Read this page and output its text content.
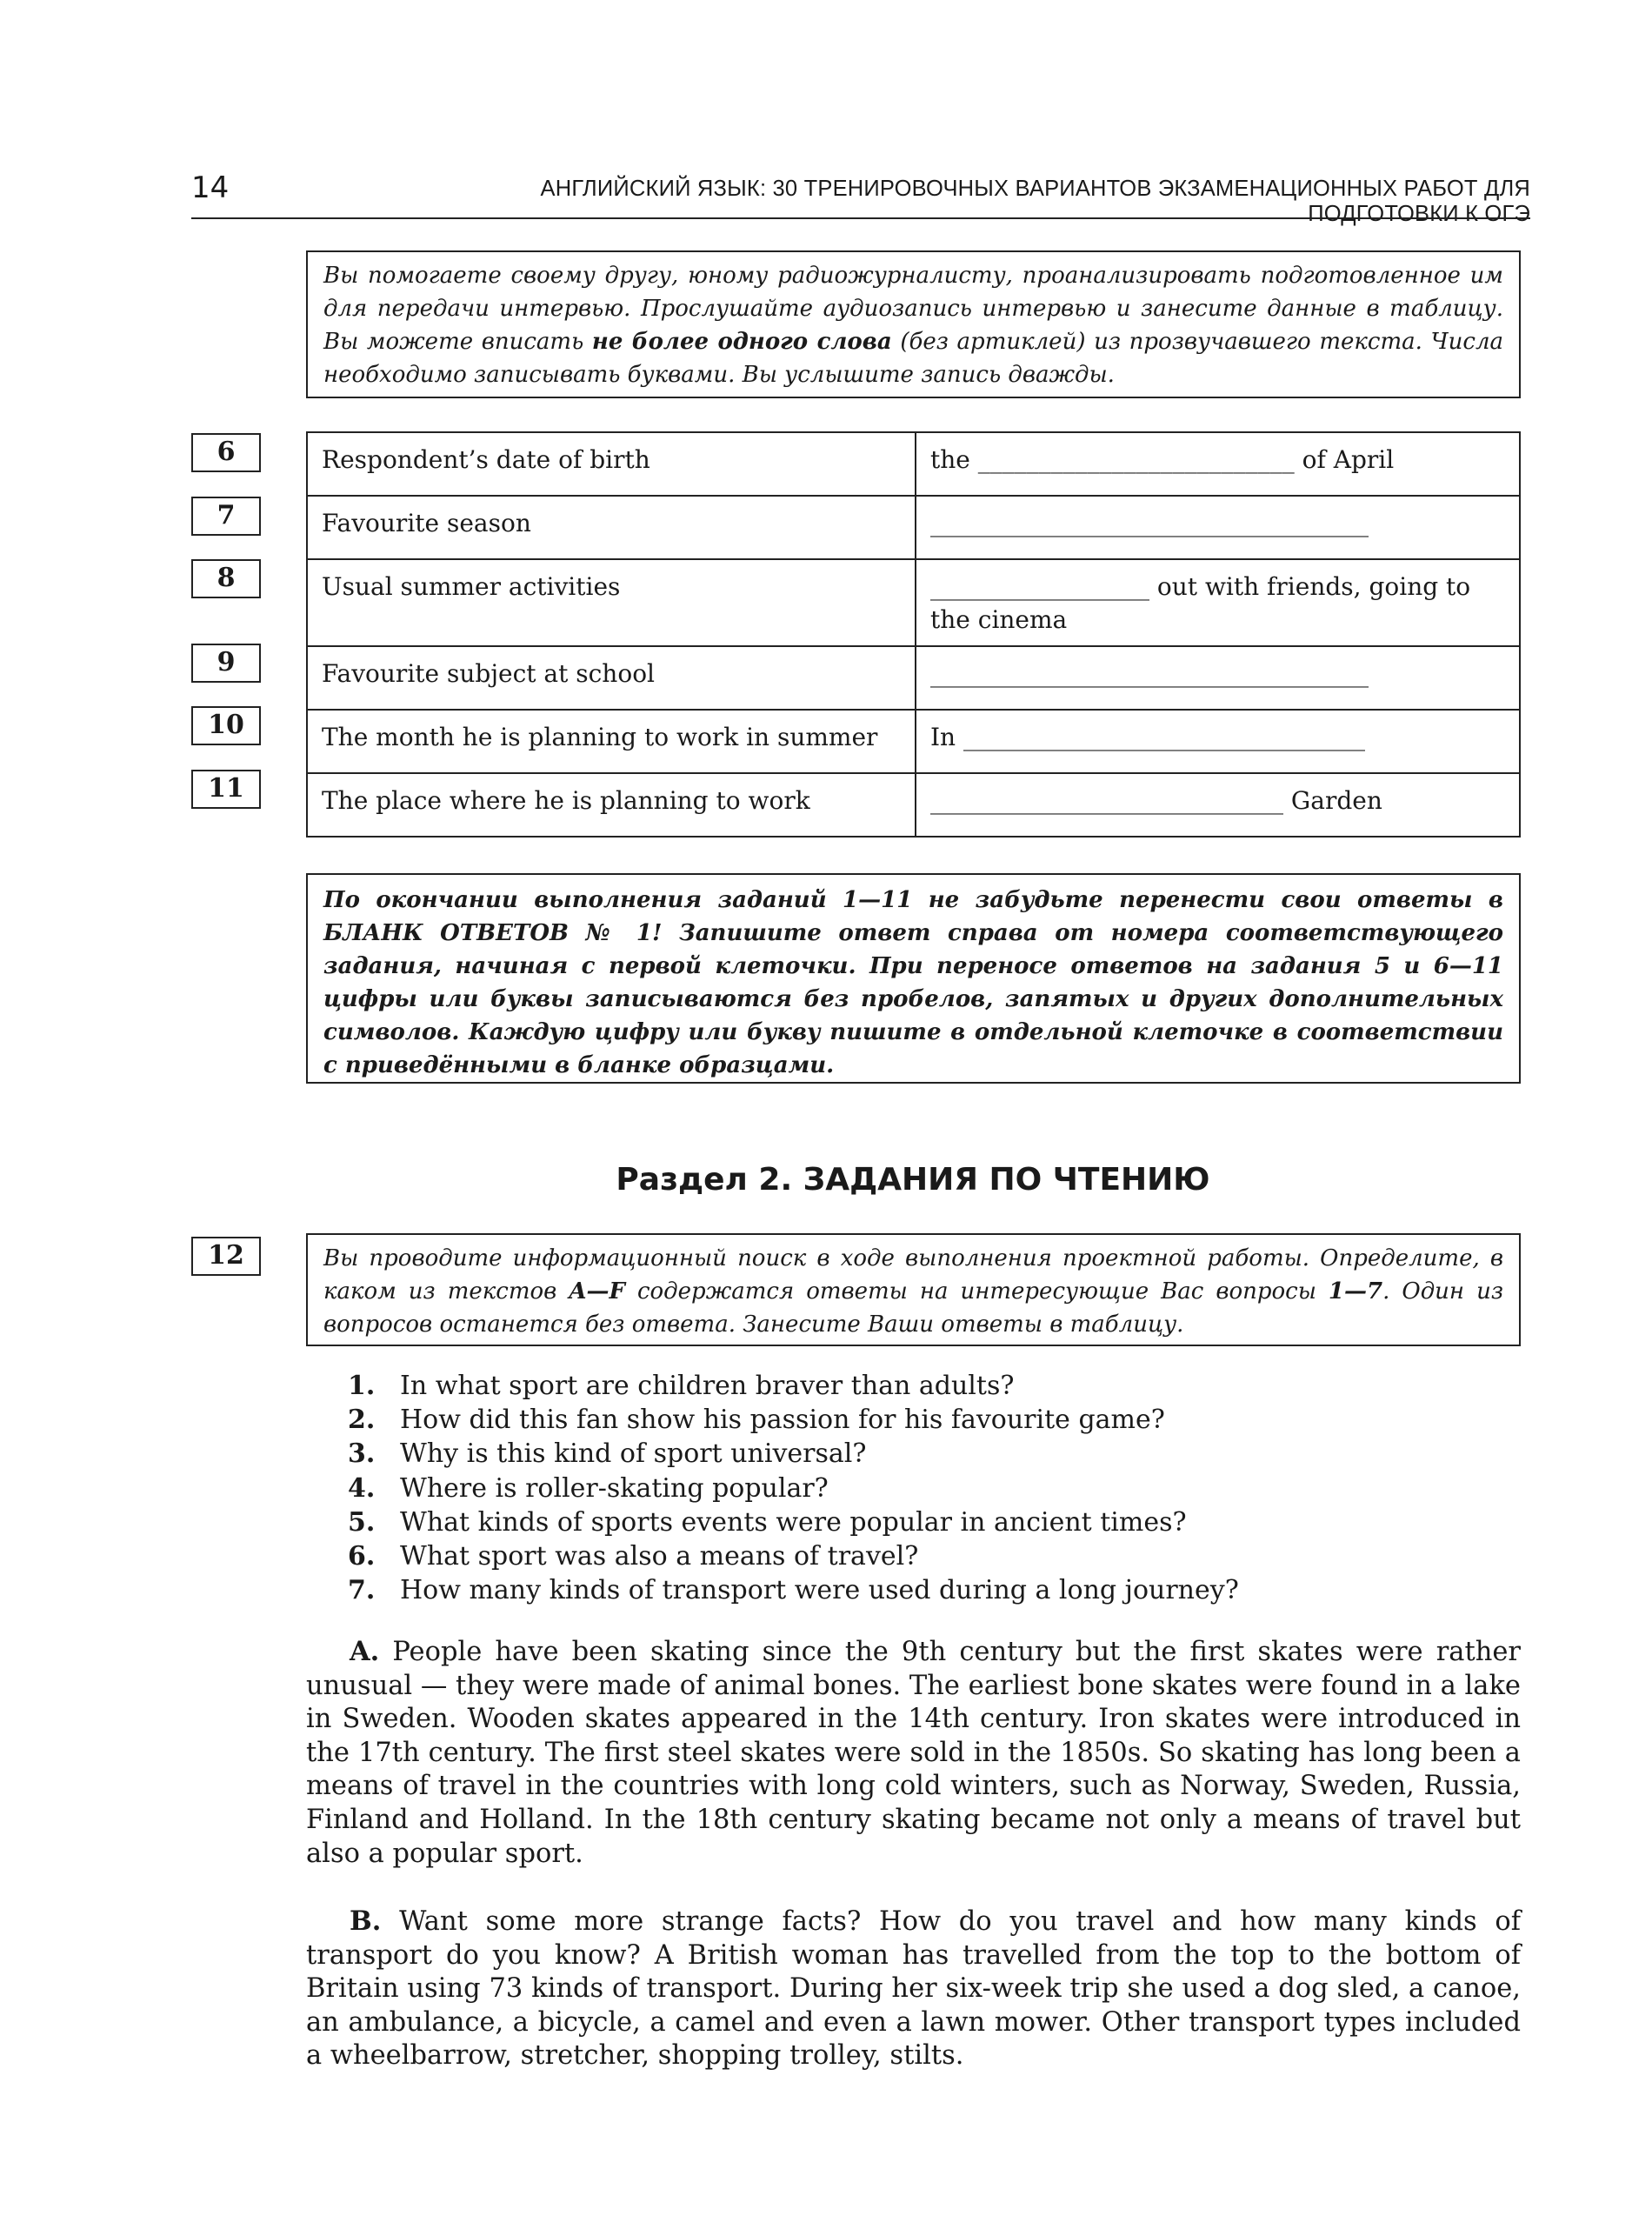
14	АНГЛИЙСКИЙ ЯЗЫК: 30 ТРЕНИРОВОЧНЫХ ВАРИАНТОВ ЭКЗАМЕНАЦИОННЫХ РАБОТ ДЛЯ ПОДГОТОВКИ К ОГЭ
Вы помогаете своему другу, юному радиожурналисту, проанализировать подготовленное им для передачи интервью. Прослушайте аудиозапись интервью и занесите данные в таблицу. Вы можете вписать не более одного слова (без артиклей) из прозвучавшего текста. Числа необходимо записывать буквами. Вы услышите запись дважды.
6
7
8
9
10
11
Respondent’s date of birth	the __________________________ of April
Favourite season	____________________________________
Usual summer activities	__________________ out with friends, going to the cinema
Favourite subject at school	____________________________________
The month he is planning to work in summer	In _________________________________
The place where he is planning to work	_____________________________ Garden
По окончании выполнения заданий 1—11 не забудьте перенести свои ответы в БЛАНК ОТВЕТОВ № 1! Запишите ответ справа от номера соответствующего задания, начиная с первой клеточки. При переносе ответов на задания 5 и 6—11 цифры или буквы записываются без пробелов, запятых и других дополнительных символов. Каждую цифру или букву пишите в отдельной клеточке в соответствии с приведёнными в бланке образцами.
Раздел 2. ЗАДАНИЯ ПО ЧТЕНИЮ
12	Вы проводите информационный поиск в ходе выполнения проектной работы. Определите, в каком из текстов A—F содержатся ответы на интересующие Вас вопросы 1—7. Один из вопросов останется без ответа. Занесите Ваши ответы в таблицу.
1. In what sport are children braver than adults?
2. How did this fan show his passion for his favourite game?
3. Why is this kind of sport universal?
4. Where is roller-skating popular?
5. What kinds of sports events were popular in ancient times?
6. What sport was also a means of travel?
7. How many kinds of transport were used during a long journey?
A. People have been skating since the 9th century but the first skates were rather unusual — they were made of animal bones. The earliest bone skates were found in a lake in Sweden. Wooden skates appeared in the 14th century. Iron skates were introduced in the 17th century. The first steel skates were sold in the 1850s. So skating has long been a means of travel in the countries with long cold winters, such as Norway, Sweden, Russia, Finland and Holland. In the 18th century skating became not only a means of travel but also a popular sport.
B. Want some more strange facts? How do you travel and how many kinds of transport do you know? A British woman has travelled from the top to the bottom of Britain using 73 kinds of transport. During her six-week trip she used a dog sled, a canoe, an ambulance, a bicycle, a camel and even a lawn mower. Other transport types included a wheelbarrow, stretcher, shopping trolley, stilts.
